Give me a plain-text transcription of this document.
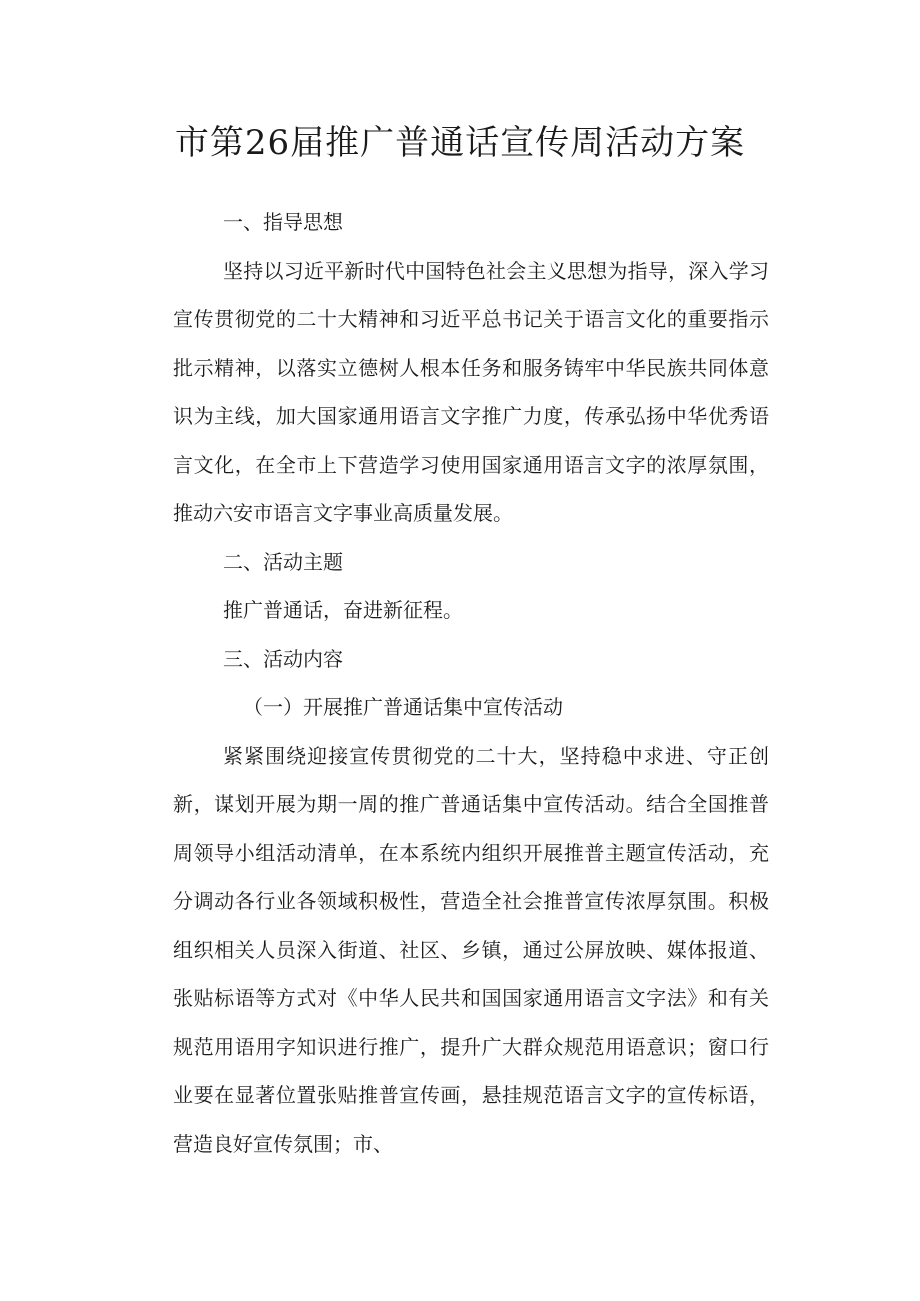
市第26届推广普通话宣传周活动方案

一、指导思想

坚持以习近平新时代中国特色社会主义思想为指导，深入学习宣传贯彻党的二十大精神和习近平总书记关于语言文化的重要指示批示精神，以落实立德树人根本任务和服务铸牢中华民族共同体意识为主线，加大国家通用语言文字推广力度，传承弘扬中华优秀语言文化，在全市上下营造学习使用国家通用语言文字的浓厚氛围，推动六安市语言文字事业高质量发展。

二、活动主题

推广普通话，奋进新征程。

三、活动内容

（一）开展推广普通话集中宣传活动

紧紧围绕迎接宣传贯彻党的二十大，坚持稳中求进、守正创新，谋划开展为期一周的推广普通话集中宣传活动。结合全国推普周领导小组活动清单，在本系统内组织开展推普主题宣传活动，充分调动各行业各领域积极性，营造全社会推普宣传浓厚氛围。积极组织相关人员深入街道、社区、乡镇，通过公屏放映、媒体报道、张贴标语等方式对《中华人民共和国国家通用语言文字法》和有关规范用语用字知识进行推广，提升广大群众规范用语意识；窗口行业要在显著位置张贴推普宣传画，悬挂规范语言文字的宣传标语，营造良好宣传氛围；市、
